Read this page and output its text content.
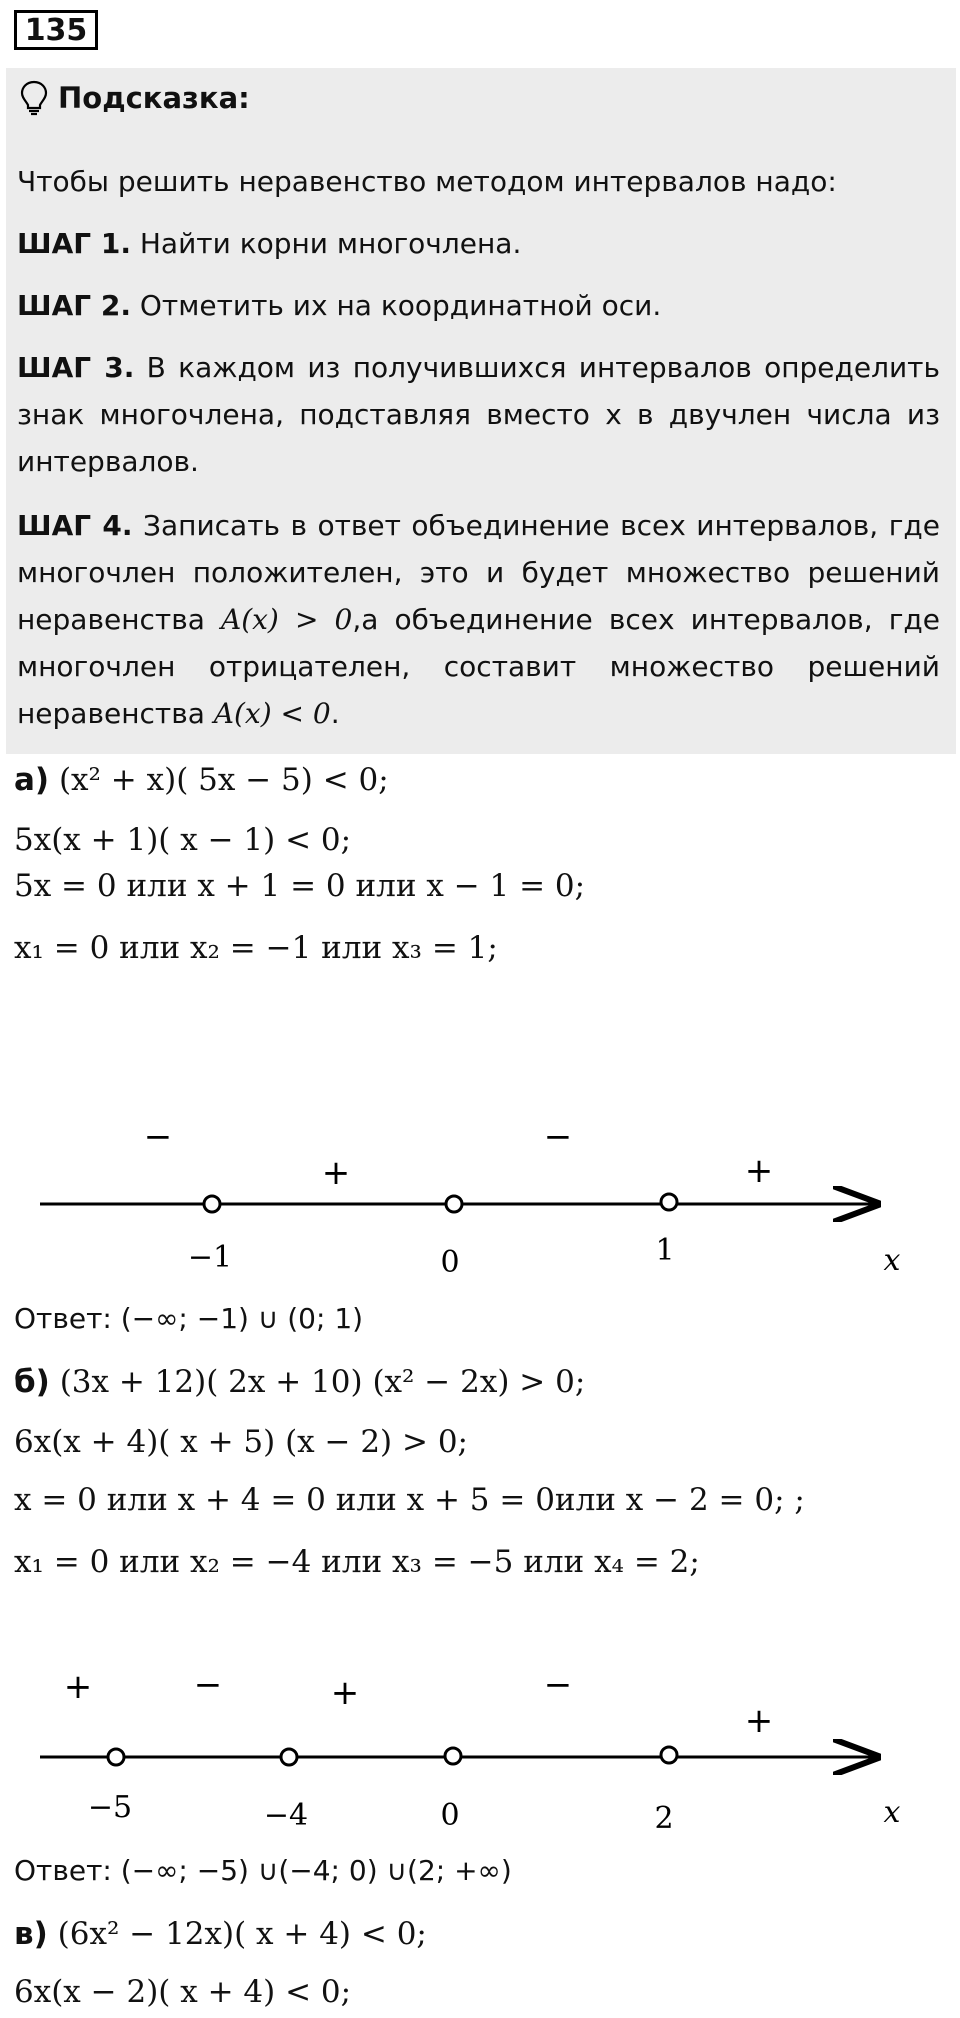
135
Подсказка:
Чтобы решить неравенство методом интервалов надо:
ШАГ 1. Найти корни многочлена.
ШАГ 2. Отметить их на координатной оси.
ШАГ 3. В каждом из получившихся интервалов определить знак многочлена, подставляя вместо x в двучлен числа из интервалов.
ШАГ 4. Записать в ответ объединение всех интервалов, где многочлен положителен, это и будет множество решений неравенства A(x) > 0,а объединение всех интервалов, где многочлен отрицателен, составит множество решений неравенства A(x) < 0.
а) (x² + x)( 5x − 5) < 0;
5x(x + 1)( x − 1) < 0;
5x = 0 или x + 1 = 0 или x − 1 = 0;
x₁ = 0 или x₂ = −1 или x₃ = 1;
−1	0	1	x
−
+
−
+
Ответ: (−∞; −1) ∪ (0; 1)
б) (3x + 12)( 2x + 10) (x² − 2x) > 0;
6x(x + 4)( x + 5) (x − 2) > 0;
x = 0 или x + 4 = 0 или x + 5 = 0или x − 2 = 0; ;
x₁ = 0 или x₂ = −4 или x₃ = −5 или x₄ = 2;
−5	−4	0	2	x
+	−	+	−
+
Ответ: (−∞; −5) ∪(−4; 0) ∪(2; +∞)
в) (6x² − 12x)( x + 4) < 0;
6x(x − 2)( x + 4) < 0;
